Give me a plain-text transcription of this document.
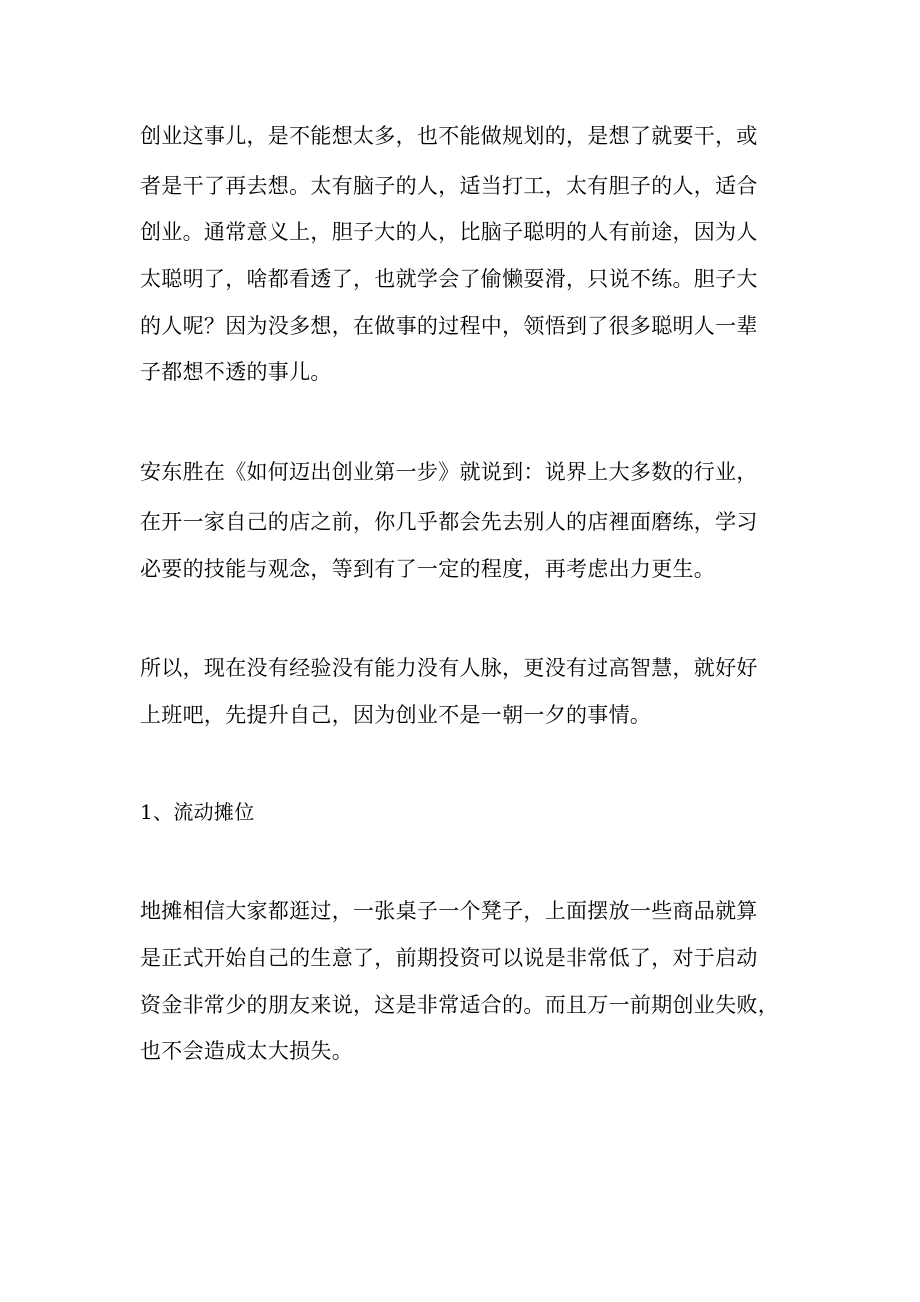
创业这事儿，是不能想太多，也不能做规划的，是想了就要干，或

者是干了再去想。太有脑子的人，适当打工，太有胆子的人，适合

创业。通常意义上，胆子大的人，比脑子聪明的人有前途，因为人

太聪明了，啥都看透了，也就学会了偷懒耍滑，只说不练。胆子大

的人呢？因为没多想，在做事的过程中，领悟到了很多聪明人一辈

子都想不透的事儿。

安东胜在《如何迈出创业第一步》就说到：说界上大多数的行业，

在开一家自己的店之前，你几乎都会先去别人的店裡面磨练，学习

必要的技能与观念，等到有了一定的程度，再考虑出力更生。

所以，现在没有经验没有能力没有人脉，更没有过高智慧，就好好

上班吧，先提升自己，因为创业不是一朝一夕的事情。

1、流动摊位

地摊相信大家都逛过，一张桌子一个凳子，上面摆放一些商品就算

是正式开始自己的生意了，前期投资可以说是非常低了，对于启动

资金非常少的朋友来说，这是非常适合的。而且万一前期创业失败，

也不会造成太大损失。
